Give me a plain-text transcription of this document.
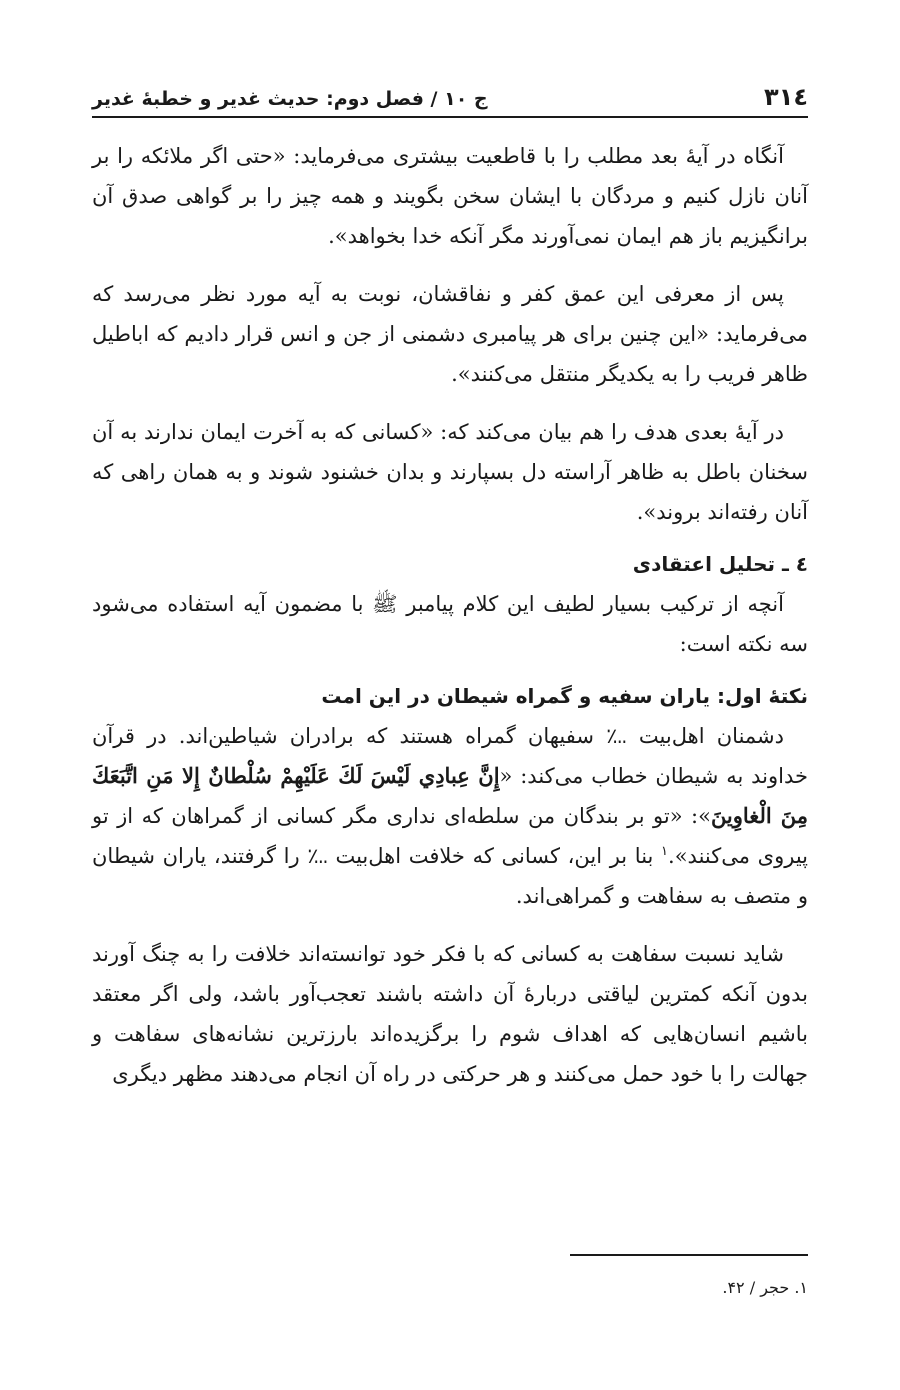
٣١٤
ج ۱۰ / فصل دوم: حدیث غدیر و خطبهٔ غدیر

آنگاه در آیهٔ بعد مطلب را با قاطعیت بیشتری می‌فرماید: «حتی اگر ملائکه را بر آنان نازل کنیم و مردگان با ایشان سخن بگویند و همه چیز را بر گواهی صدق آن برانگیزیم باز هم ایمان نمی‌آورند مگر آنکه خدا بخواهد».

پس از معرفی این عمق کفر و نفاقشان، نوبت به آیه مورد نظر می‌رسد که می‌فرماید: «این چنین برای هر پیامبری دشمنی از جن و انس قرار دادیم که اباطیل ظاهر فریب را به یکدیگر منتقل می‌کنند».

در آیهٔ بعدی هدف را هم بیان می‌کند که: «کسانی که به آخرت ایمان ندارند به آن سخنان باطل به ظاهر آراسته دل بسپارند و بدان خشنود شوند و به همان راهی که آنان رفته‌اند بروند».

٤ ـ تحلیل اعتقادی

آنچه از ترکیب بسیار لطیف این کلام پیامبر ﷺ با مضمون آیه استفاده می‌شود سه نکته است:

نکتهٔ اول: یاران سفیه و گمراه شیطان در این امت

دشمنان اهل‌بیت ؊ سفیهان گمراه هستند که برادران شیاطین‌اند. در قرآن خداوند به شیطان خطاب می‌کند: «إِنَّ عِبادِي لَيْسَ لَكَ عَلَيْهِمْ سُلْطانٌ إِلا مَنِ اتَّبَعَكَ مِنَ الْغاوِينَ»: «تو بر بندگان من سلطه‌ای نداری مگر کسانی از گمراهان که از تو پیروی می‌کنند».$^۱$ بنا بر این، کسانی که خلافت اهل‌بیت ؊ را گرفتند، یاران شیطان و متصف به سفاهت و گمراهی‌اند.

شاید نسبت سفاهت به کسانی که با فکر خود توانسته‌اند خلافت را به چنگ آورند بدون آنکه کمترین لیاقتی دربارهٔ آن داشته باشند تعجب‌آور باشد، ولی اگر معتقد باشیم انسان‌هایی که اهداف شوم را برگزیده‌اند بارزترین نشانه‌های سفاهت و جهالت را با خود حمل می‌کنند و هر حرکتی در راه آن انجام می‌دهند مظهر دیگری

۱. حجر / ۴۲.
